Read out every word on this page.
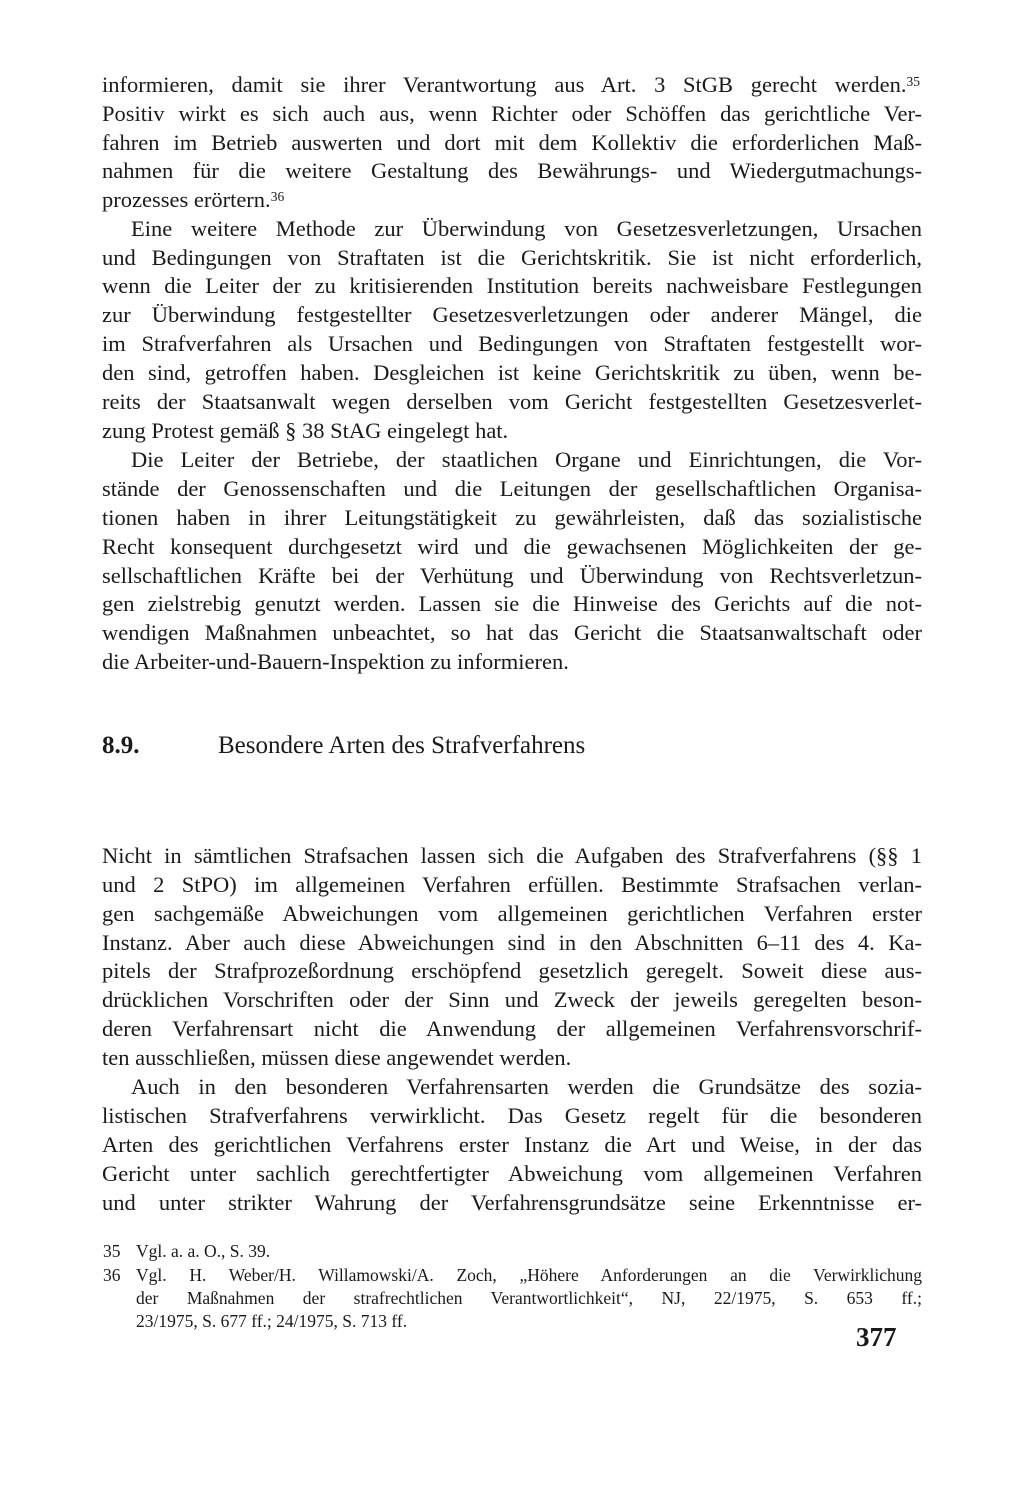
informieren, damit sie ihrer Verantwortung aus Art. 3 StGB gerecht werden.$^{35}$
Positiv wirkt es sich auch aus, wenn Richter oder Schöffen das gerichtliche Ver-
fahren im Betrieb auswerten und dort mit dem Kollektiv die erforderlichen Maß-
nahmen für die weitere Gestaltung des Bewährungs- und Wiedergutmachungs-
prozesses erörtern.$^{36}$
Eine weitere Methode zur Überwindung von Gesetzesverletzungen, Ursachen
und Bedingungen von Straftaten ist die Gerichtskritik. Sie ist nicht erforderlich,
wenn die Leiter der zu kritisierenden Institution bereits nachweisbare Festlegungen
zur Überwindung festgestellter Gesetzesverletzungen oder anderer Mängel, die
im Strafverfahren als Ursachen und Bedingungen von Straftaten festgestellt wor-
den sind, getroffen haben. Desgleichen ist keine Gerichtskritik zu üben, wenn be-
reits der Staatsanwalt wegen derselben vom Gericht festgestellten Gesetzesverlet-
zung Protest gemäß § 38 StAG eingelegt hat.
Die Leiter der Betriebe, der staatlichen Organe und Einrichtungen, die Vor-
stände der Genossenschaften und die Leitungen der gesellschaftlichen Organisa-
tionen haben in ihrer Leitungstätigkeit zu gewährleisten, daß das sozialistische
Recht konsequent durchgesetzt wird und die gewachsenen Möglichkeiten der ge-
sellschaftlichen Kräfte bei der Verhütung und Überwindung von Rechtsverletzun-
gen zielstrebig genutzt werden. Lassen sie die Hinweise des Gerichts auf die not-
wendigen Maßnahmen unbeachtet, so hat das Gericht die Staatsanwaltschaft oder
die Arbeiter-und-Bauern-Inspektion zu informieren.
8.9.	Besondere Arten des Strafverfahrens
Nicht in sämtlichen Strafsachen lassen sich die Aufgaben des Strafverfahrens (§§ 1
und 2 StPO) im allgemeinen Verfahren erfüllen. Bestimmte Strafsachen verlan-
gen sachgemäße Abweichungen vom allgemeinen gerichtlichen Verfahren erster
Instanz. Aber auch diese Abweichungen sind in den Abschnitten 6–11 des 4. Ka-
pitels der Strafprozeßordnung erschöpfend gesetzlich geregelt. Soweit diese aus-
drücklichen Vorschriften oder der Sinn und Zweck der jeweils geregelten beson-
deren Verfahrensart nicht die Anwendung der allgemeinen Verfahrensvorschrif-
ten ausschließen, müssen diese angewendet werden.
Auch in den besonderen Verfahrensarten werden die Grundsätze des sozia-
listischen Strafverfahrens verwirklicht. Das Gesetz regelt für die besonderen
Arten des gerichtlichen Verfahrens erster Instanz die Art und Weise, in der das
Gericht unter sachlich gerechtfertigter Abweichung vom allgemeinen Verfahren
und unter strikter Wahrung der Verfahrensgrundsätze seine Erkenntnisse er-
35 Vgl. a. a. O., S. 39.
36 Vgl. H. Weber/H. Willamowski/A. Zoch, „Höhere Anforderungen an die Verwirklichung
der Maßnahmen der strafrechtlichen Verantwortlichkeit“, NJ, 22/1975, S. 653 ff.;
23/1975, S. 677 ff.; 24/1975, S. 713 ff.
377
